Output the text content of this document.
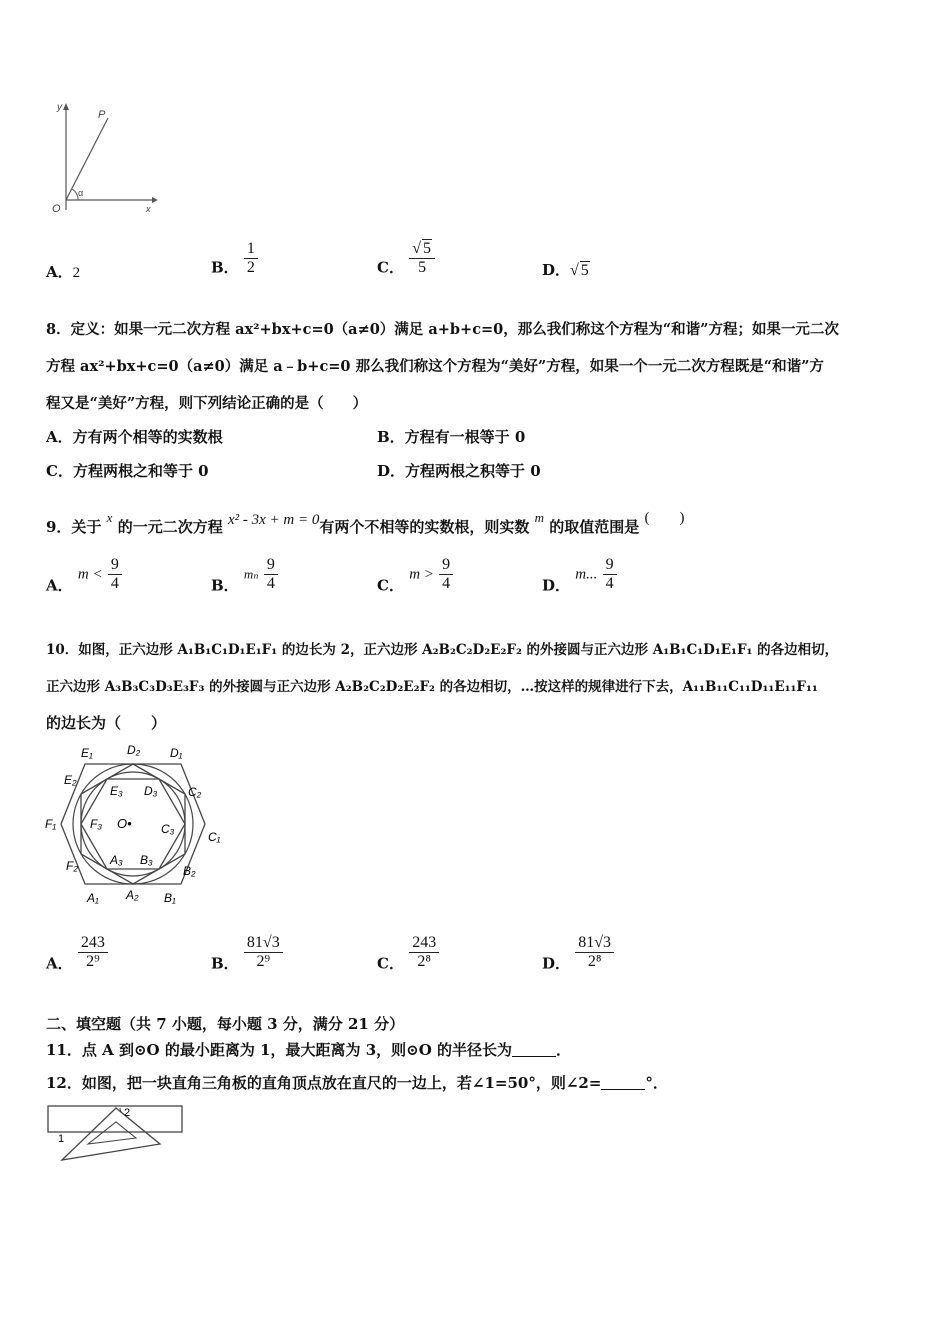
y
P
α
O	x
A．2	B． $\frac{1}{2}$	C． $\frac{√ 5}{5}$	D．√ 5
8．定义：如果一元二次方程 ax²+bx+c=0（a≠0）满足 a+b+c=0，那么我们称这个方程为“和谐”方程；如果一元二次
方程 ax²+bx+c=0（a≠0）满足 a﹣b+c=0 那么我们称这个方程为“美好”方程，如果一个一元二次方程既是“和谐”方
程又是“美好”方程，则下列结论正确的是（　　）
A．方有两个相等的实数根	B．方程有一根等于 0
C．方程两根之和等于 0	D．方程两根之积等于 0
9．关于 x 的一元二次方程 x² - 3x + m = 0有两个不相等的实数根，则实数 m 的取值范围是 (　　)
A． $m < \frac{9}{4}$	B． mₙ $\frac{9}{4}$	C． $m > \frac{9}{4}$	D． m... $\frac{9}{4}$
10．如图，正六边形 A₁B₁C₁D₁E₁F₁ 的边长为 2，正六边形 A₂B₂C₂D₂E₂F₂ 的外接圆与正六边形 A₁B₁C₁D₁E₁F₁ 的各边相切，
正六边形 A₃B₃C₃D₃E₃F₃ 的外接圆与正六边形 A₂B₂C₂D₂E₂F₂ 的各边相切，…按这样的规律进行下去，A₁₁B₁₁C₁₁D₁₁E₁₁F₁₁
的边长为（　　）
E₁	D₂ D₁
E₂
C₂
E₃ D₃
F₁	F₃ O• C₃
C₁
F₂	A₃ B₃
B₂
A₁ A₂ B₁
A． $\frac{243}{\text{2⁹}}$	B． $\frac{81√3}{\text{2⁹}}$	C． $\frac{243}{\text{2⁸}}$	D． $\frac{81√3}{\text{2⁸}}$
二、填空题（共 7 小题，每小题 3 分，满分 21 分）
11．点 A 到⊙O 的最小距离为 1，最大距离为 3，则⊙O 的半径长为	．
12．如图，把一块直角三角板的直角顶点放在直尺的一边上，若∠1=50°，则∠2=	°．
2
1
